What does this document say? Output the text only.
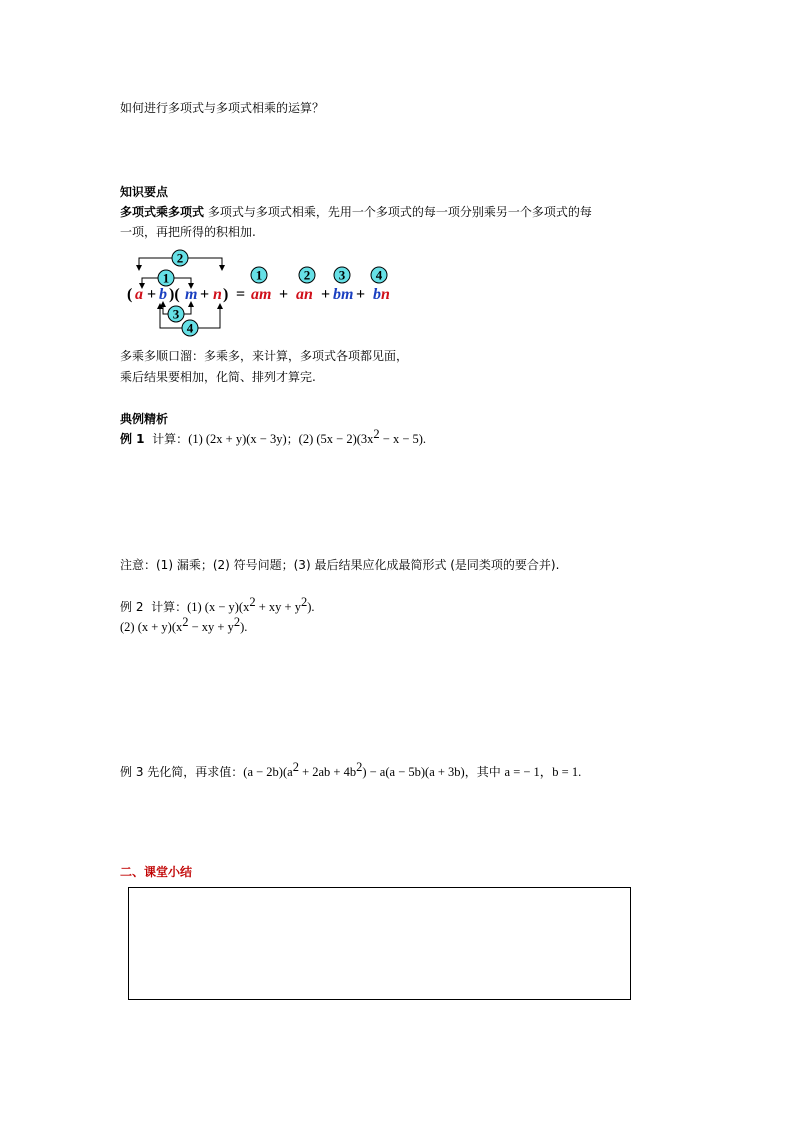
如何进行多项式与多项式相乘的运算？
知识要点
多项式乘多项式 多项式与多项式相乘，先用一个多项式的每一项分别乘另一个多项式的每
一项，再把所得的积相加.
2
1
3
4
( a + b )( m + n ) =
1
am +
2
an +
3
bm +
4
bn
多乘多顺口溜：多乘多，来计算，多项式各项都见面，
乘后结果要相加，化简、排列才算完.
典例精析
例 1 计算：(1) (2x + y)(x − 3y)；(2) $(5x - 2)(3x^2 - x - 5)$.
注意：(1) 漏乘；(2) 符号问题；(3) 最后结果应化成最简形式 (是同类项的要合并).
例 2 计算：(1) $(x - y)(x^2$ + xy + $y^2$).
(2) $(x + y)(x^2$ − xy + $y^2$).
例 3 先化简，再求值：$(a - 2b)(a^2 + 2ab + 4b^2) - a(a - 5b)(a + 3b)$，其中 a = − 1，b = 1.
二、课堂小结
